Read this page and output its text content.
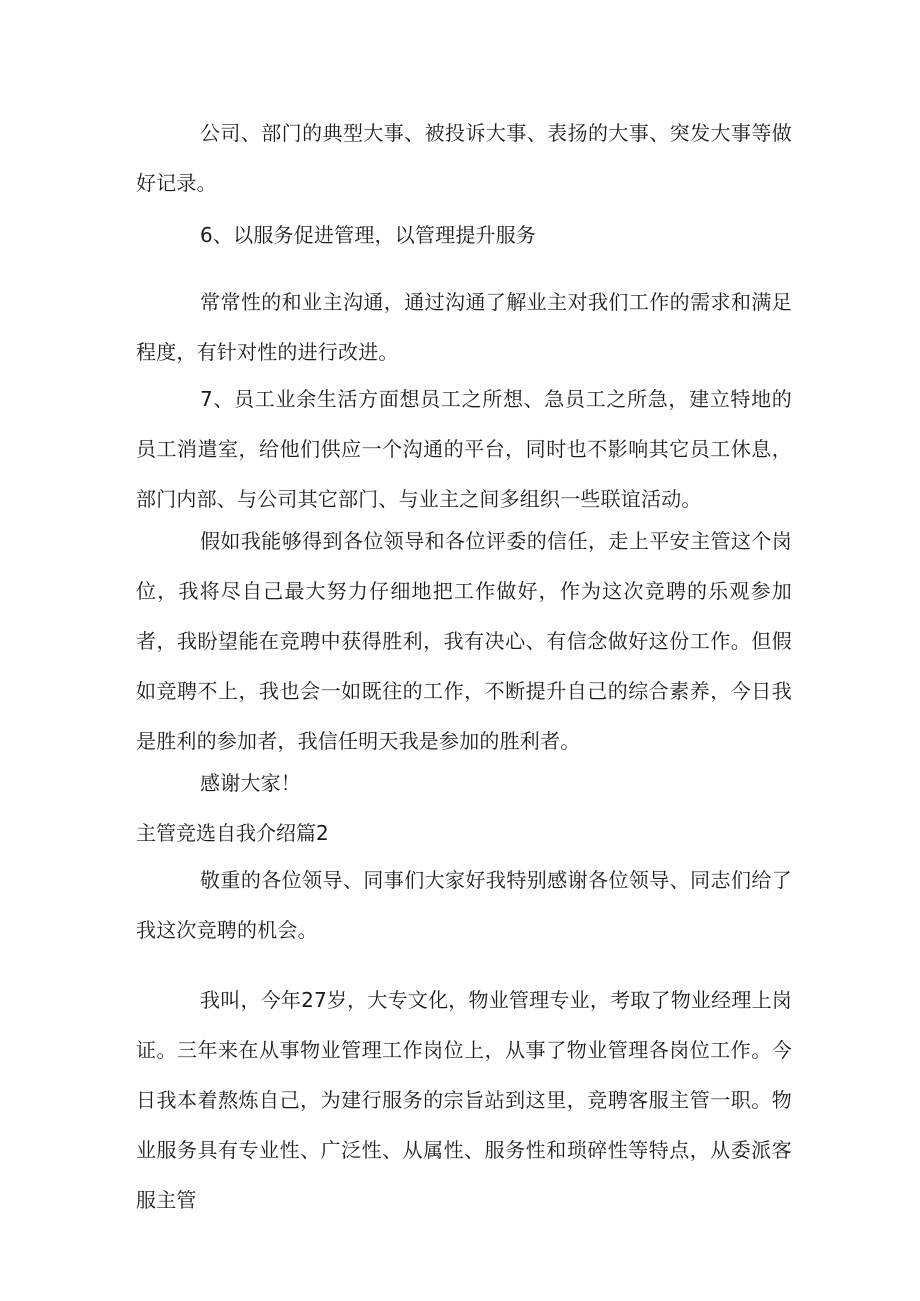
公司、部门的典型大事、被投诉大事、表扬的大事、突发大事等做好记录。

6、以服务促进管理，以管理提升服务

常常性的和业主沟通，通过沟通了解业主对我们工作的需求和满足程度，有针对性的进行改进。

7、员工业余生活方面想员工之所想、急员工之所急，建立特地的员工消遣室，给他们供应一个沟通的平台，同时也不影响其它员工休息，部门内部、与公司其它部门、与业主之间多组织一些联谊活动。

假如我能够得到各位领导和各位评委的信任，走上平安主管这个岗位，我将尽自己最大努力仔细地把工作做好，作为这次竞聘的乐观参加者，我盼望能在竞聘中获得胜利，我有决心、有信念做好这份工作。但假如竞聘不上，我也会一如既往的工作，不断提升自己的综合素养，今日我是胜利的参加者，我信任明天我是参加的胜利者。

感谢大家！

主管竞选自我介绍篇2

敬重的各位领导、同事们大家好我特别感谢各位领导、同志们给了我这次竞聘的机会。

我叫，今年27岁，大专文化，物业管理专业，考取了物业经理上岗证。三年来在从事物业管理工作岗位上，从事了物业管理各岗位工作。今日我本着熬炼自己，为建行服务的宗旨站到这里，竞聘客服主管一职。物业服务具有专业性、广泛性、从属性、服务性和琐碎性等特点，从委派客服主管
